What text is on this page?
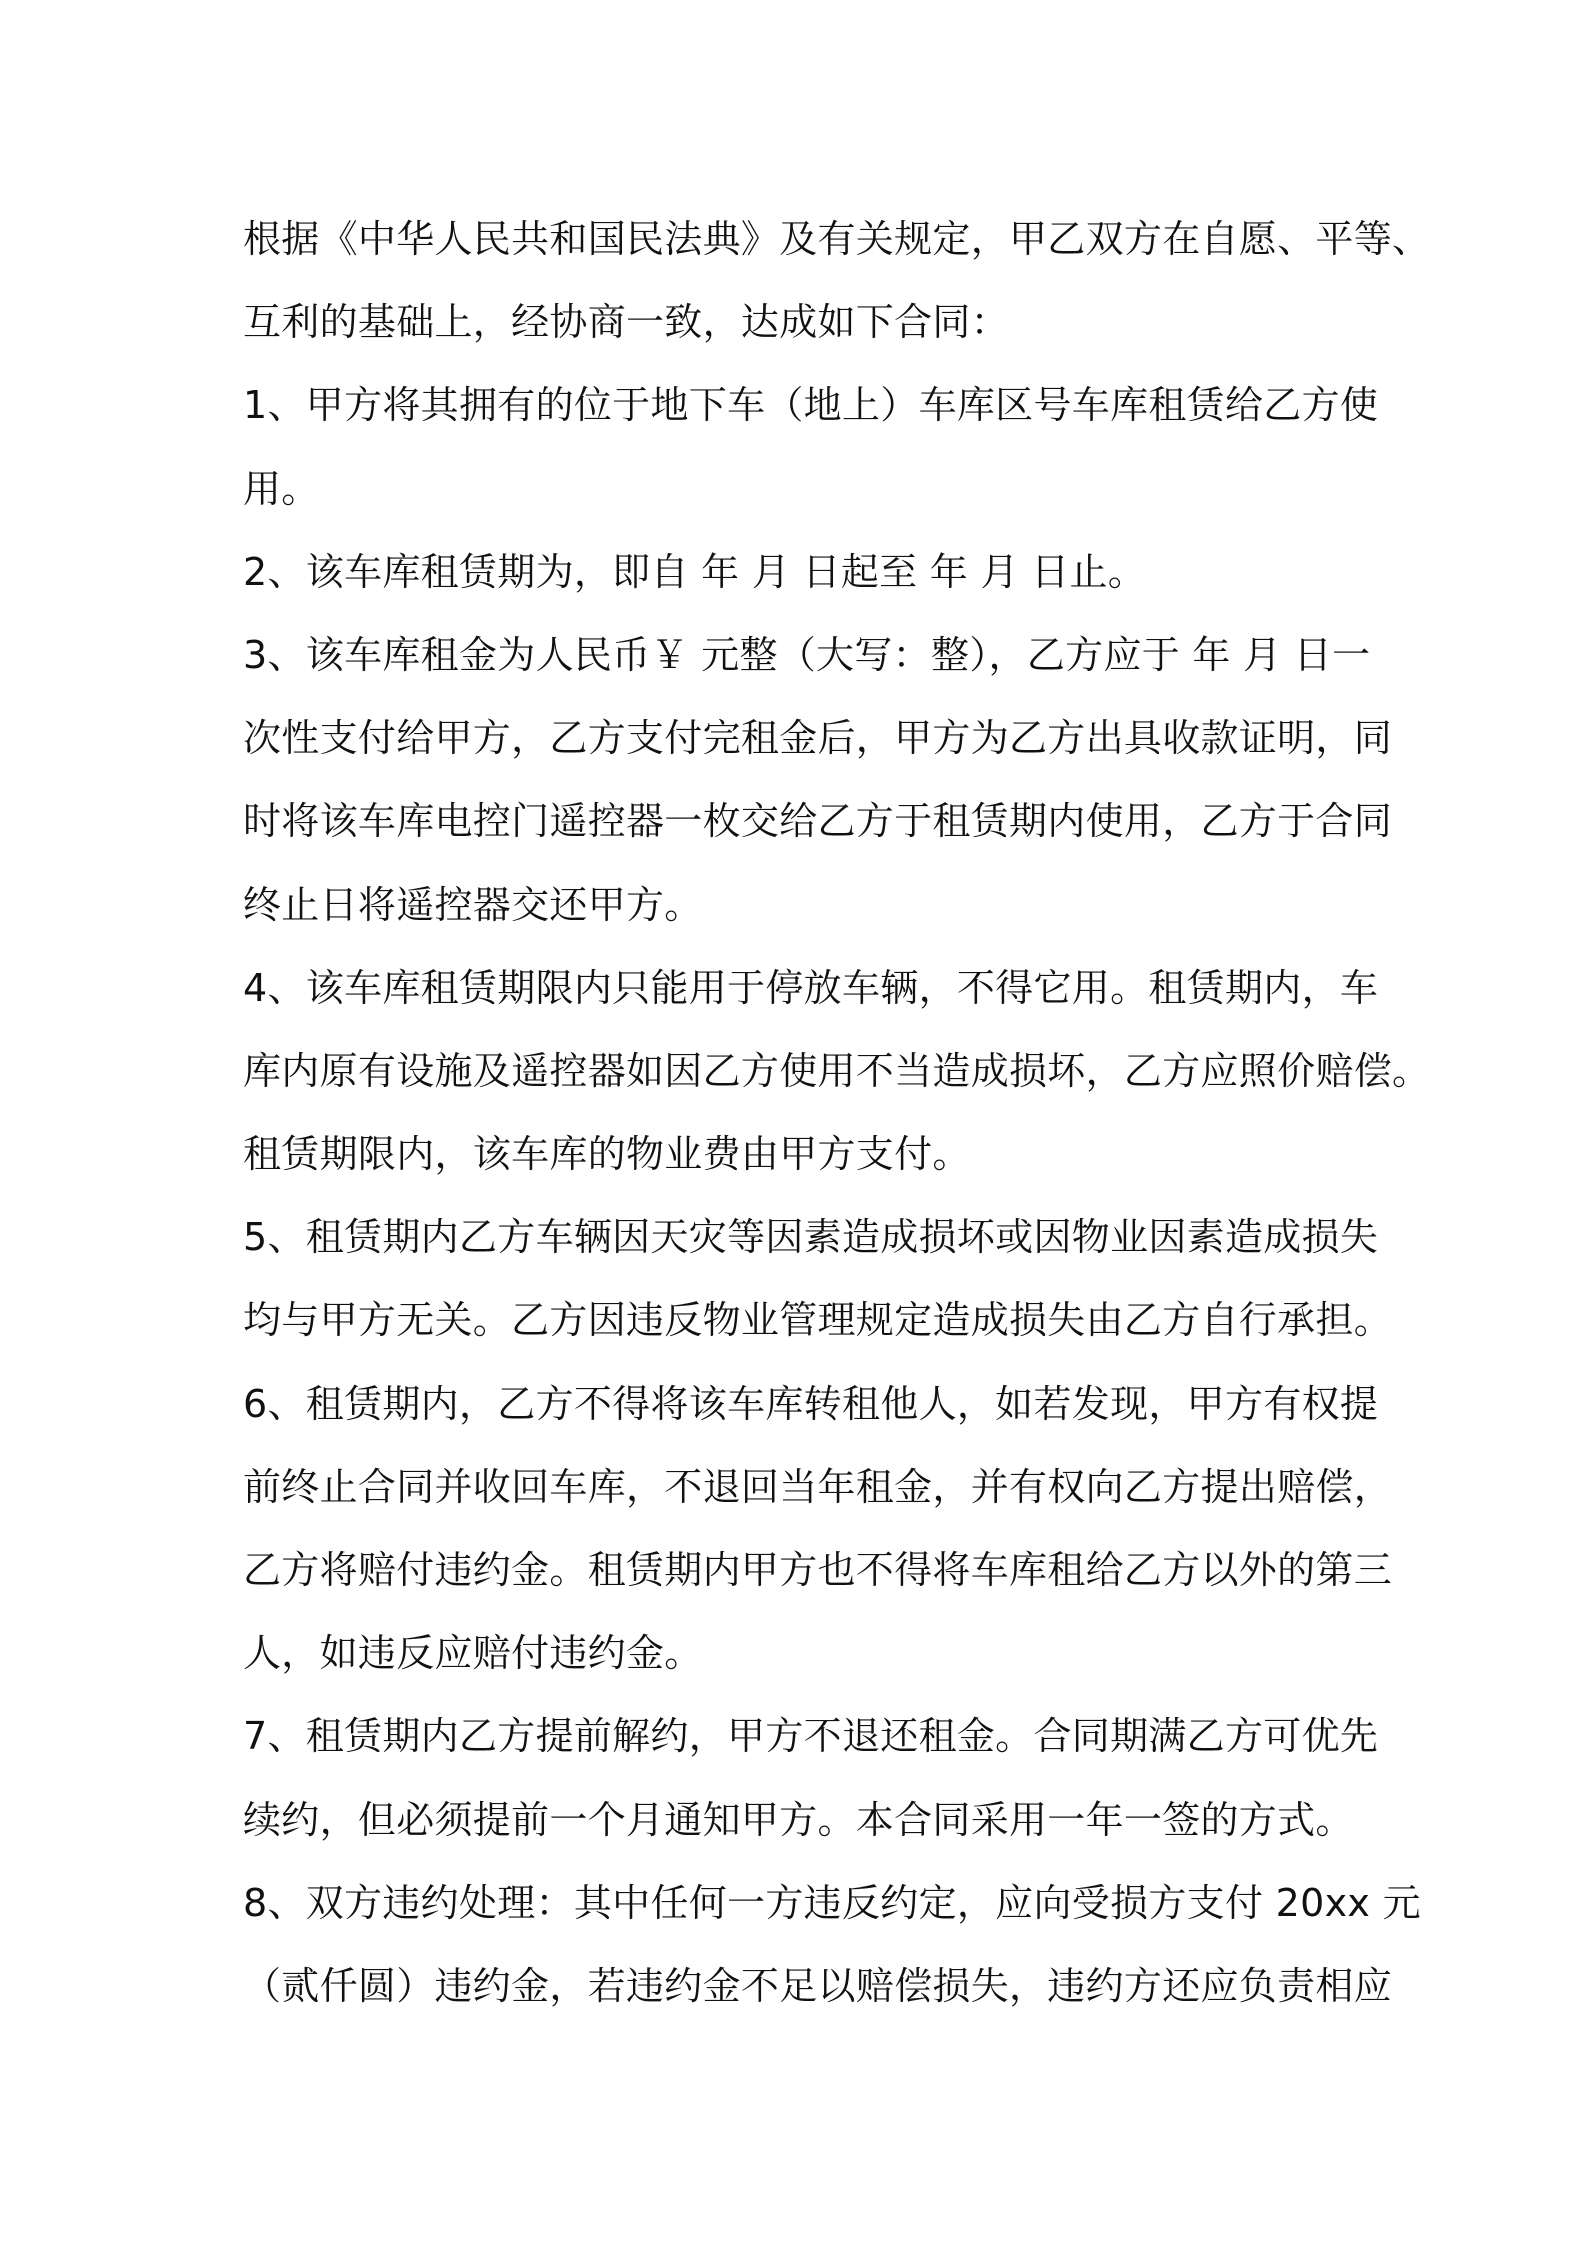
根据《中华人民共和国民法典》及有关规定，甲乙双方在自愿、平等、
互利的基础上，经协商一致，达成如下合同：
1、甲方将其拥有的位于地下车（地上）车库区号车库租赁给乙方使
用。
2、该车库租赁期为，即自 年 月 日起至 年 月 日止。
3、该车库租金为人民币￥ 元整（大写：整），乙方应于 年 月 日一
次性支付给甲方，乙方支付完租金后，甲方为乙方出具收款证明，同
时将该车库电控门遥控器一枚交给乙方于租赁期内使用，乙方于合同
终止日将遥控器交还甲方。
4、该车库租赁期限内只能用于停放车辆，不得它用。租赁期内，车
库内原有设施及遥控器如因乙方使用不当造成损坏，乙方应照价赔偿。
租赁期限内，该车库的物业费由甲方支付。
5、租赁期内乙方车辆因天灾等因素造成损坏或因物业因素造成损失
均与甲方无关。乙方因违反物业管理规定造成损失由乙方自行承担。
6、租赁期内，乙方不得将该车库转租他人，如若发现，甲方有权提
前终止合同并收回车库，不退回当年租金，并有权向乙方提出赔偿，
乙方将赔付违约金。租赁期内甲方也不得将车库租给乙方以外的第三
人，如违反应赔付违约金。
7、租赁期内乙方提前解约，甲方不退还租金。合同期满乙方可优先
续约，但必须提前一个月通知甲方。本合同采用一年一签的方式。
8、双方违约处理：其中任何一方违反约定，应向受损方支付 20xx 元
（贰仟圆）违约金，若违约金不足以赔偿损失，违约方还应负责相应
